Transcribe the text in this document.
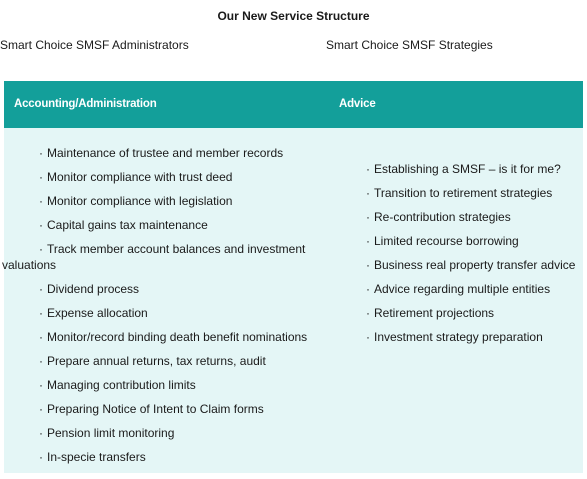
Our New Service Structure
Smart Choice SMSF Administrators	Smart Choice SMSF Strategies
Accounting/Administration	Advice
· Maintenance of trustee and member records
· Monitor compliance with trust deed
· Monitor compliance with legislation
· Capital gains tax maintenance
· Track member account balances and investment
valuations
· Dividend process
· Expense allocation
· Monitor/record binding death benefit nominations
· Prepare annual returns, tax returns, audit
· Managing contribution limits
· Preparing Notice of Intent to Claim forms
· Pension limit monitoring
· In-specie transfers
· Establishing a SMSF – is it for me?
· Transition to retirement strategies
· Re-contribution strategies
· Limited recourse borrowing
· Business real property transfer advice
· Advice regarding multiple entities
· Retirement projections
· Investment strategy preparation
